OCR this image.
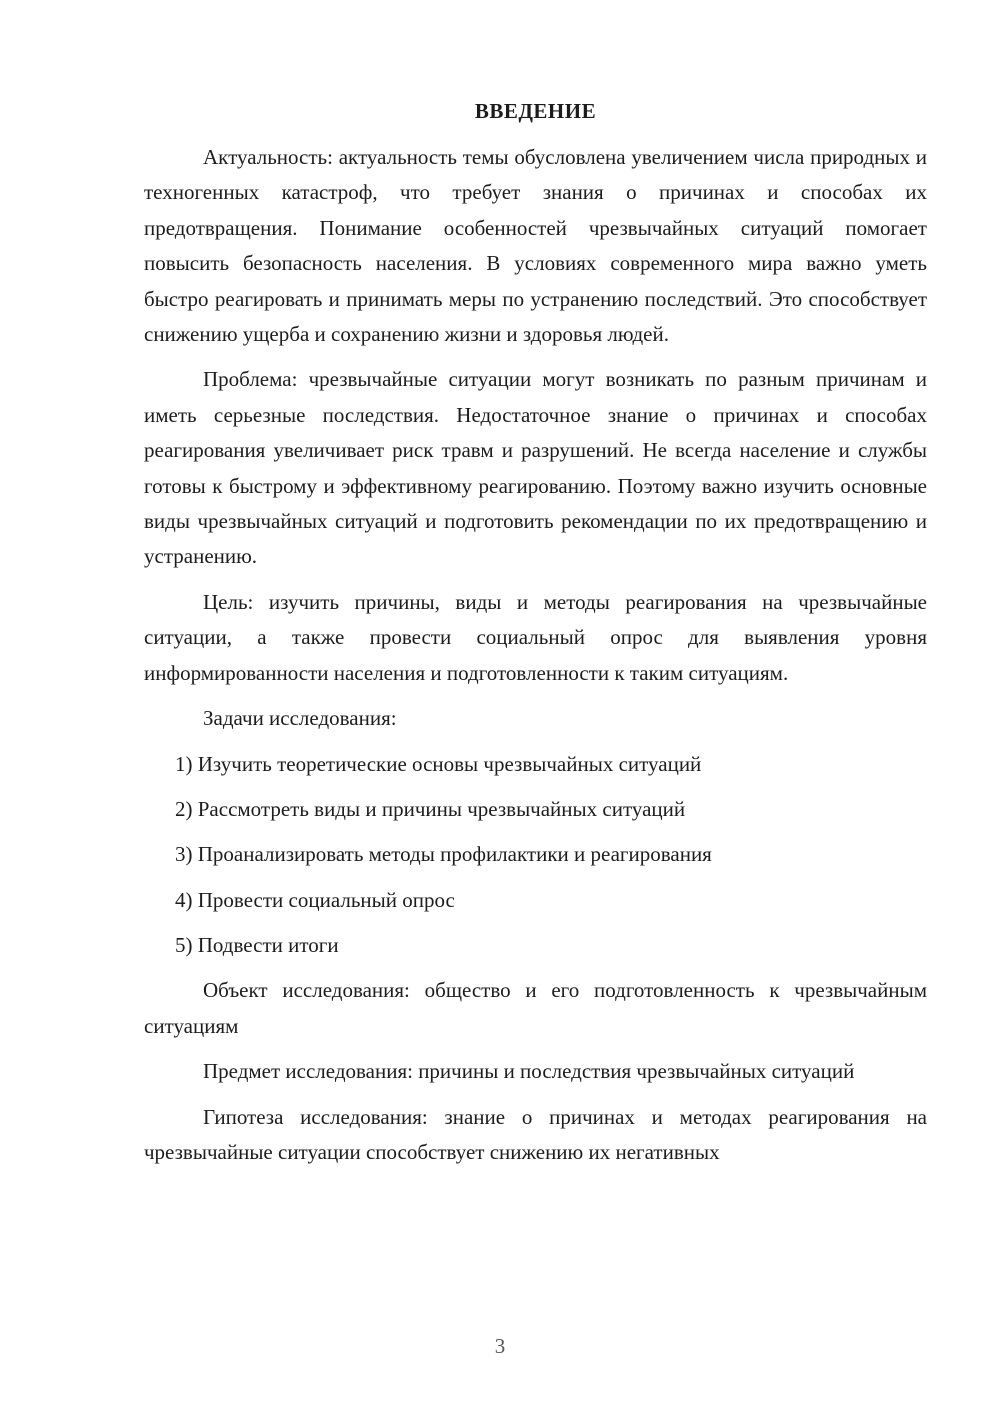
ВВЕДЕНИЕ

Актуальность: актуальность темы обусловлена увеличением числа природных и техногенных катастроф, что требует знания о причинах и способах их предотвращения. Понимание особенностей чрезвычайных ситуаций помогает повысить безопасность населения. В условиях современного мира важно уметь быстро реагировать и принимать меры по устранению последствий. Это способствует снижению ущерба и сохранению жизни и здоровья людей.

Проблема: чрезвычайные ситуации могут возникать по разным причинам и иметь серьезные последствия. Недостаточное знание о причинах и способах реагирования увеличивает риск травм и разрушений. Не всегда население и службы готовы к быстрому и эффективному реагированию. Поэтому важно изучить основные виды чрезвычайных ситуаций и подготовить рекомендации по их предотвращению и устранению.

Цель: изучить причины, виды и методы реагирования на чрезвычайные ситуации, а также провести социальный опрос для выявления уровня информированности населения и подготовленности к таким ситуациям.

Задачи исследования:

1) Изучить теоретические основы чрезвычайных ситуаций
2) Рассмотреть виды и причины чрезвычайных ситуаций
3) Проанализировать методы профилактики и реагирования
4) Провести социальный опрос
5) Подвести итоги

Объект исследования: общество и его подготовленность к чрезвычайным ситуациям

Предмет исследования: причины и последствия чрезвычайных ситуаций

Гипотеза исследования: знание о причинах и методах реагирования на чрезвычайные ситуации способствует снижению их негативных

3
